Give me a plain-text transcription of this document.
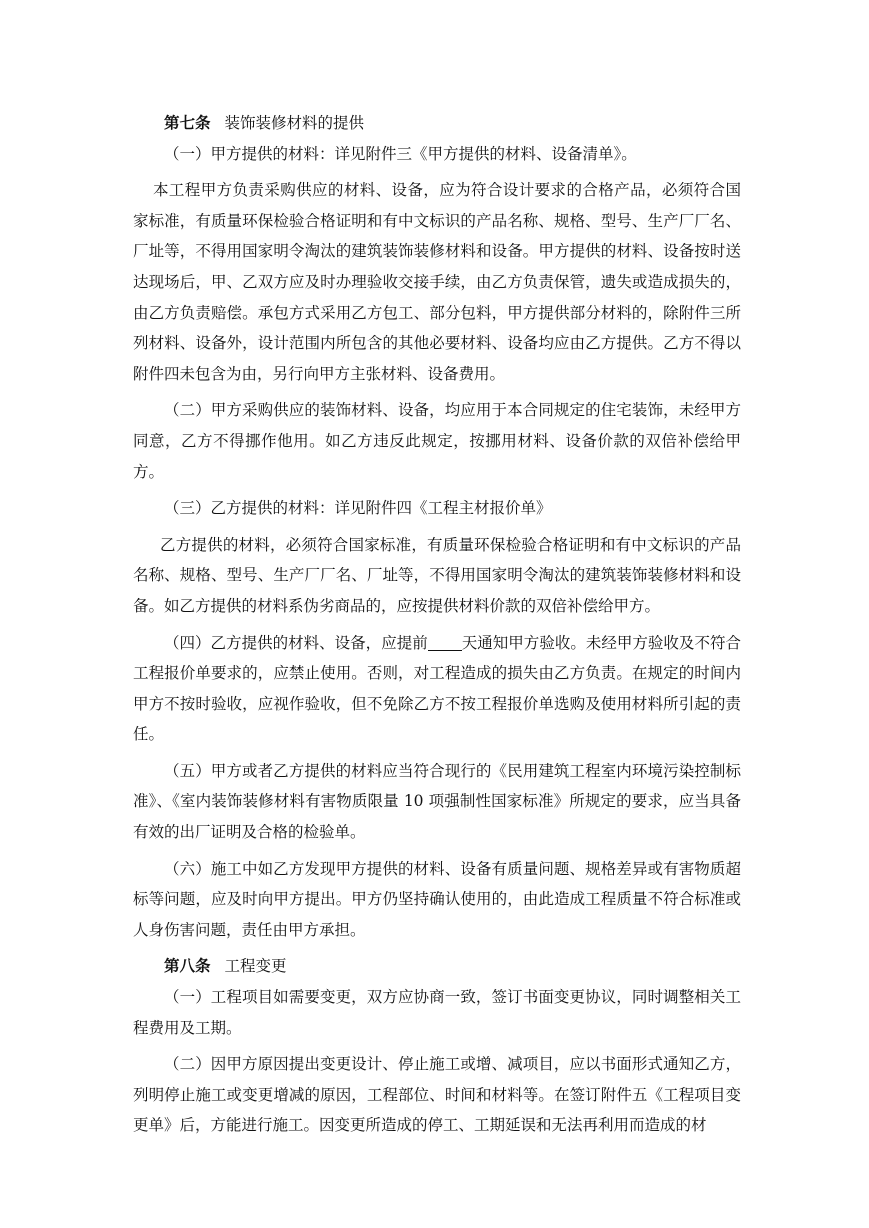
第七条 装饰装修材料的提供

（一）甲方提供的材料：详见附件三《甲方提供的材料、设备清单》。

本工程甲方负责采购供应的材料、设备，应为符合设计要求的合格产品，必须符合国家标准，有质量环保检验合格证明和有中文标识的产品名称、规格、型号、生产厂厂名、厂址等，不得用国家明令淘汰的建筑装饰装修材料和设备。甲方提供的材料、设备按时送达现场后，甲、乙双方应及时办理验收交接手续，由乙方负责保管，遗失或造成损失的，由乙方负责赔偿。承包方式采用乙方包工、部分包料，甲方提供部分材料的，除附件三所列材料、设备外，设计范围内所包含的其他必要材料、设备均应由乙方提供。乙方不得以附件四未包含为由，另行向甲方主张材料、设备费用。

（二）甲方采购供应的装饰材料、设备，均应用于本合同规定的住宅装饰，未经甲方同意，乙方不得挪作他用。如乙方违反此规定，按挪用材料、设备价款的双倍补偿给甲方。

（三）乙方提供的材料：详见附件四《工程主材报价单》

乙方提供的材料，必须符合国家标准，有质量环保检验合格证明和有中文标识的产品名称、规格、型号、生产厂厂名、厂址等，不得用国家明令淘汰的建筑装饰装修材料和设备。如乙方提供的材料系伪劣商品的，应按提供材料价款的双倍补偿给甲方。

（四）乙方提供的材料、设备，应提前 天通知甲方验收。未经甲方验收及不符合工程报价单要求的，应禁止使用。否则，对工程造成的损失由乙方负责。在规定的时间内甲方不按时验收，应视作验收，但不免除乙方不按工程报价单选购及使用材料所引起的责任。

（五）甲方或者乙方提供的材料应当符合现行的《民用建筑工程室内环境污染控制标准》、《室内装饰装修材料有害物质限量 10 项强制性国家标准》所规定的要求，应当具备有效的出厂证明及合格的检验单。

（六）施工中如乙方发现甲方提供的材料、设备有质量问题、规格差异或有害物质超标等问题，应及时向甲方提出。甲方仍坚持确认使用的，由此造成工程质量不符合标准或人身伤害问题，责任由甲方承担。

第八条 工程变更

（一）工程项目如需要变更，双方应协商一致，签订书面变更协议，同时调整相关工程费用及工期。

（二）因甲方原因提出变更设计、停止施工或增、减项目，应以书面形式通知乙方，列明停止施工或变更增减的原因，工程部位、时间和材料等。在签订附件五《工程项目变更单》后，方能进行施工。因变更所造成的停工、工期延误和无法再利用而造成的材
